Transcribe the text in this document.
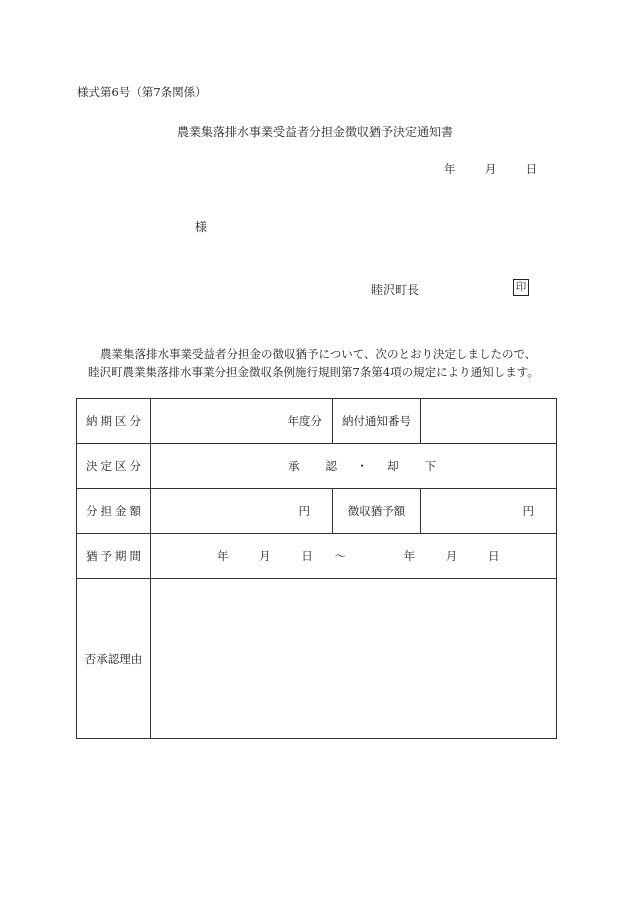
様式第6号（第7条関係）
農業集落排水事業受益者分担金徴収猶予決定通知書
年	月	日
様
睦沢町長	印
農業集落排水事業受益者分担金の徴収猶予について、次のとおり決定しましたので、
睦沢町農業集落排水事業分担金徴収条例施行規則第7条第4項の規定により通知します。
納 期 区 分	年度分	納付通知番号	

決 定 区 分	承 認 ・ 却 下		

分 担 金 額	円	徴収猶予額	円

猶 予 期 間	年 月 日 ～ 年 月 日		
否承認理由			
